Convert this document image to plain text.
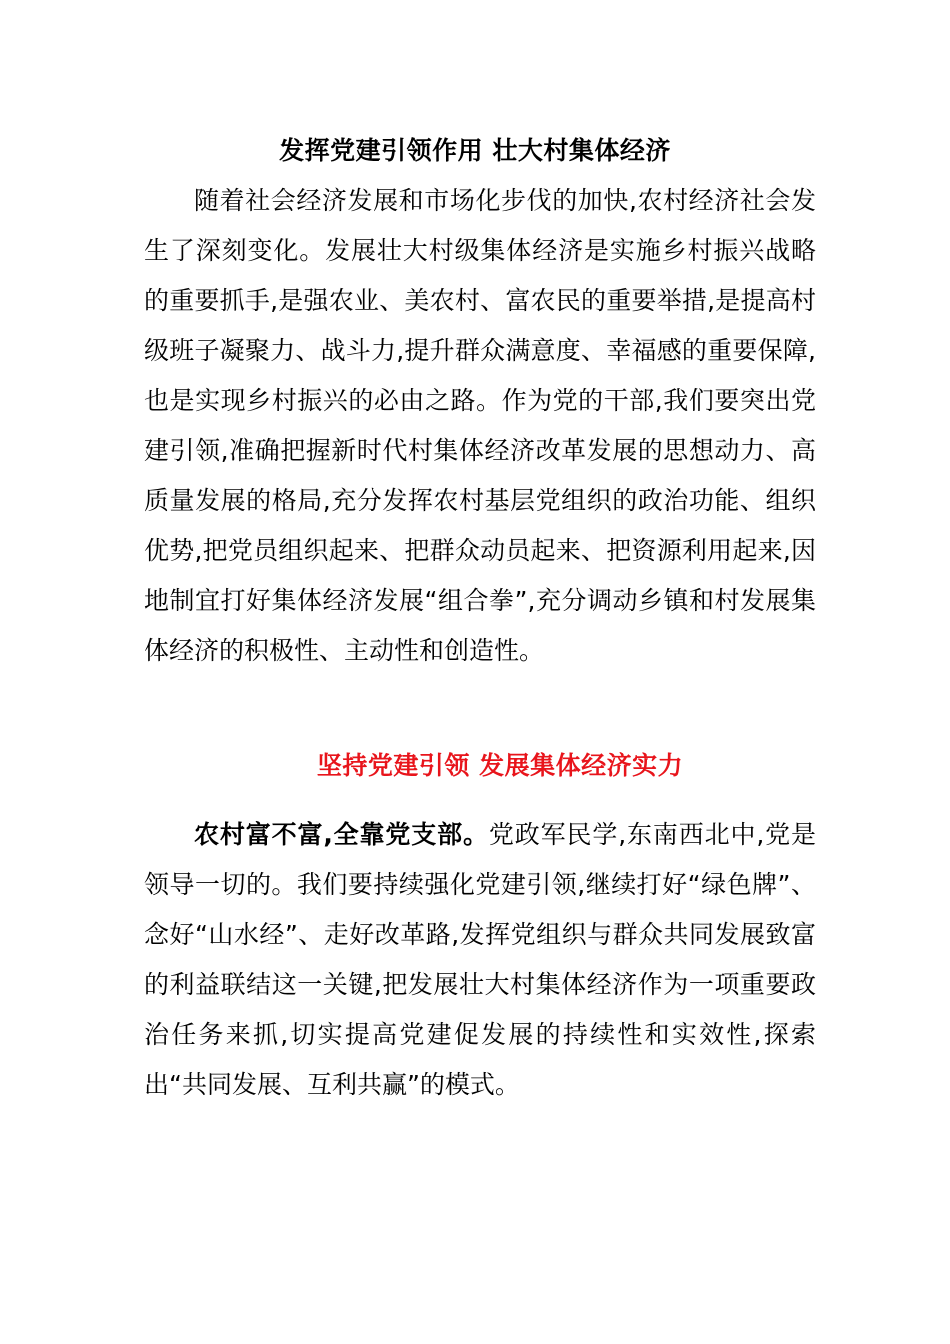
发挥党建引领作用 壮大村集体经济

随着社会经济发展和市场化步伐的加快,农村经济社会发生了深刻变化。发展壮大村级集体经济是实施乡村振兴战略的重要抓手,是强农业、美农村、富农民的重要举措,是提高村级班子凝聚力、战斗力,提升群众满意度、幸福感的重要保障,也是实现乡村振兴的必由之路。作为党的干部,我们要突出党建引领,准确把握新时代村集体经济改革发展的思想动力、高质量发展的格局,充分发挥农村基层党组织的政治功能、组织优势,把党员组织起来、把群众动员起来、把资源利用起来,因地制宜打好集体经济发展“组合拳”,充分调动乡镇和村发展集体经济的积极性、主动性和创造性。

坚持党建引领 发展集体经济实力

农村富不富,全靠党支部。党政军民学,东南西北中,党是领导一切的。我们要持续强化党建引领,继续打好“绿色牌”、念好“山水经”、走好改革路,发挥党组织与群众共同发展致富的利益联结这一关键,把发展壮大村集体经济作为一项重要政治任务来抓,切实提高党建促发展的持续性和实效性,探索出“共同发展、互利共赢”的模式。
